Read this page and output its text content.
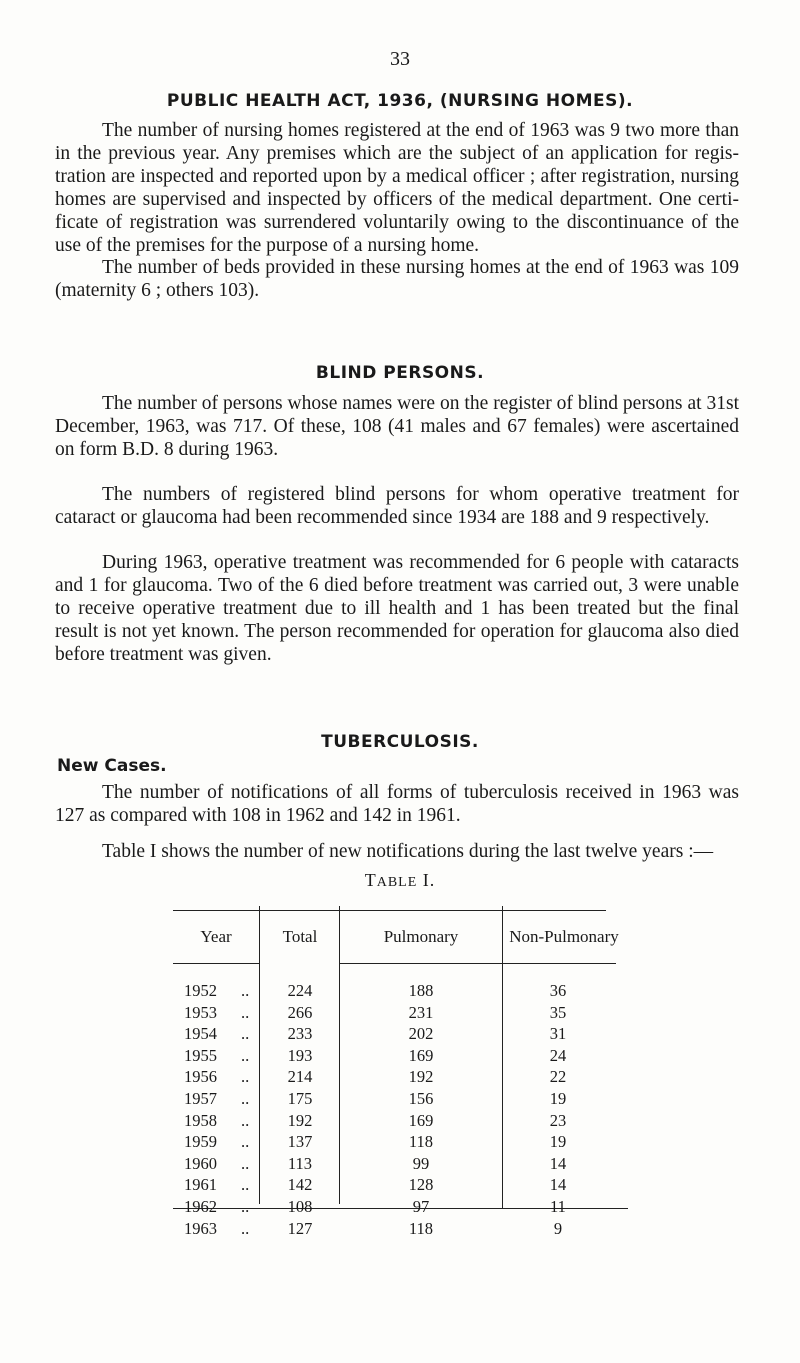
33
PUBLIC HEALTH ACT, 1936, (NURSING HOMES).

The number of nursing homes registered at the end of 1963 was 9 two more than in the previous year. Any premises which are the subject of an application for regis-tration are inspected and reported upon by a medical officer ; after registration, nursing homes are supervised and inspected by officers of the medical department. One certi-ficate of registration was surrendered voluntarily owing to the discontinuance of the use of the premises for the purpose of a nursing home.

The number of beds provided in these nursing homes at the end of 1963 was 109 (maternity 6 ; others 103).

BLIND PERSONS.

The number of persons whose names were on the register of blind persons at 31st December, 1963, was 717. Of these, 108 (41 males and 67 females) were ascertained on form B.D. 8 during 1963.

The numbers of registered blind persons for whom operative treatment for cataract or glaucoma had been recommended since 1934 are 188 and 9 respectively.

During 1963, operative treatment was recommended for 6 people with cataracts and 1 for glaucoma. Two of the 6 died before treatment was carried out, 3 were unable to receive operative treatment due to ill health and 1 has been treated but the final result is not yet known. The person recommended for operation for glaucoma also died before treatment was given.

TUBERCULOSIS.
New Cases.

The number of notifications of all forms of tuberculosis received in 1963 was 127 as compared with 108 in 1962 and 142 in 1961.

Table I shows the number of new notifications during the last twelve years :—

TABLE I.
Year	Total	Pulmonary	Non-Pulmonary
1952 ..	224	188	36
1953 ..	266	231	35
1954 ..	233	202	31
1955 ..	193	169	24
1956 ..	214	192	22
1957 ..	175	156	19
1958 ..	192	169	23
1959 ..	137	118	19
1960 ..	113	99	14
1961 ..	142	128	14
1962 ..	108	97	11
1963 ..	127	118	9
